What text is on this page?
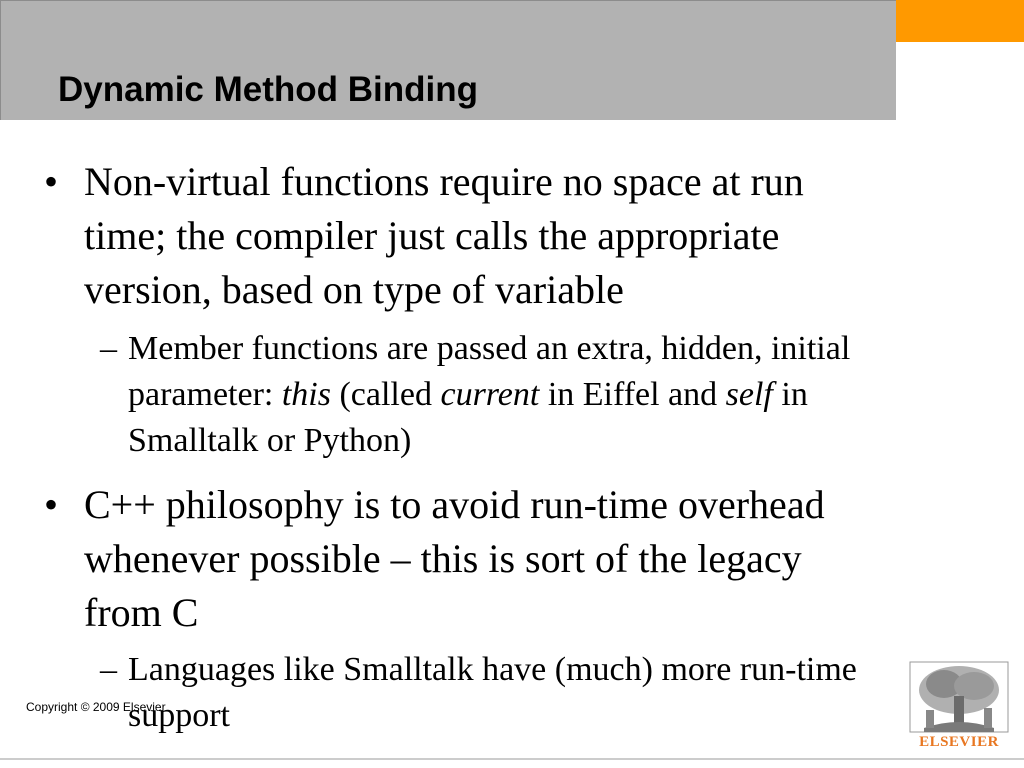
Dynamic Method Binding
• Non-virtual functions require no space at run
time; the compiler just calls the appropriate
version, based on type of variable
– Member functions are passed an extra, hidden, initial
parameter: this (called current in Eiffel and self in
Smalltalk or Python)
• C++ philosophy is to avoid run-time overhead
whenever possible – this is sort of the legacy
from C
– Languages like Smalltalk have (much) more run-time
support
Copyright © 2009 Elsevier
ELSEVIER
